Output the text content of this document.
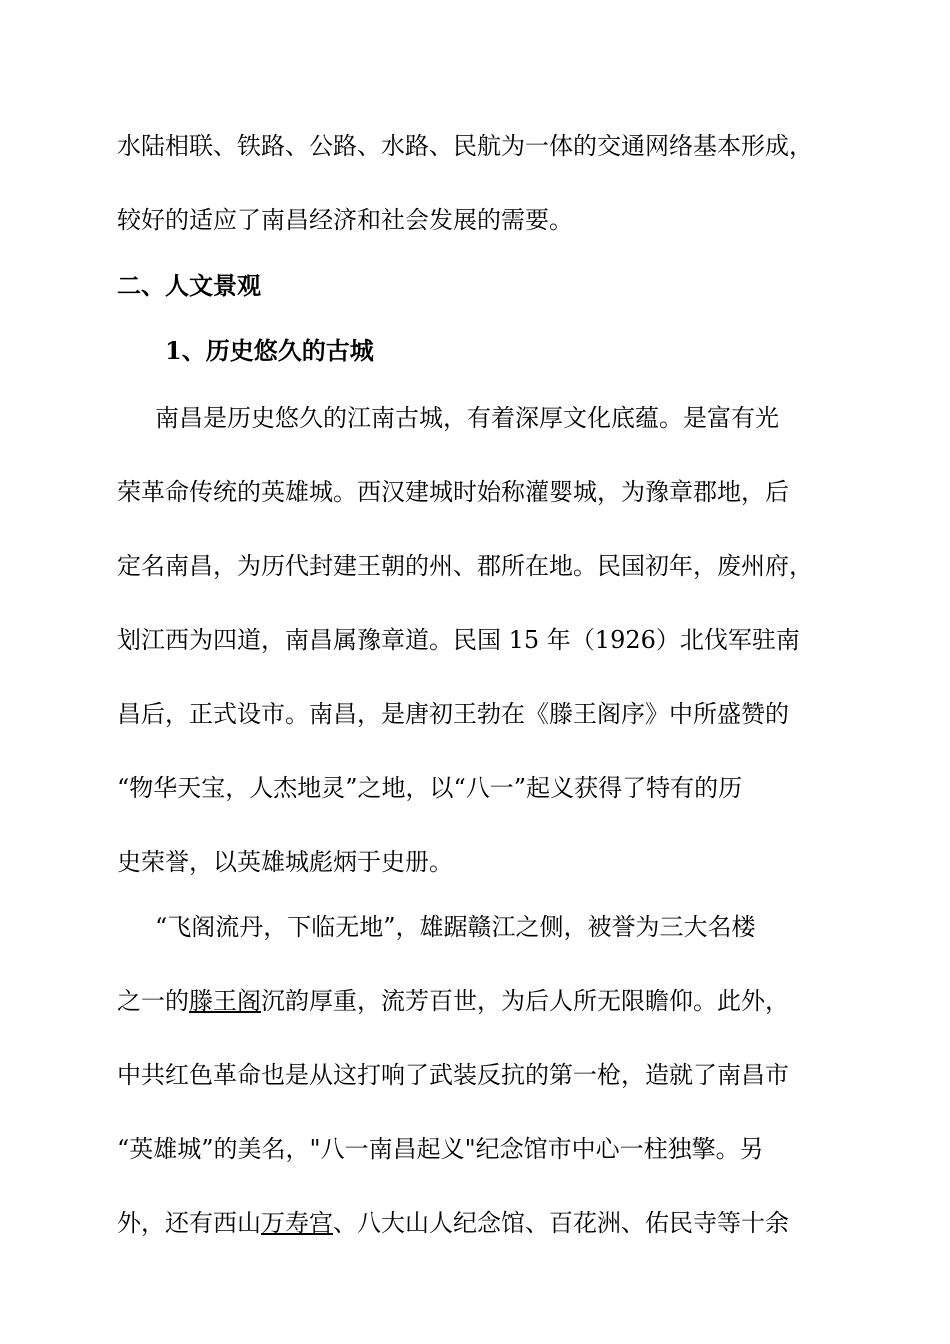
水陆相联、铁路、公路、水路、民航为一体的交通网络基本形成，
较好的适应了南昌经济和社会发展的需要。
二、人文景观
1、历史悠久的古城
南昌是历史悠久的江南古城，有着深厚文化底蕴。是富有光
荣革命传统的英雄城。西汉建城时始称灌婴城，为豫章郡地，后
定名南昌，为历代封建王朝的州、郡所在地。民国初年，废州府，
划江西为四道，南昌属豫章道。民国 15 年（1926）北伐军驻南
昌后，正式设市。南昌，是唐初王勃在《滕王阁序》中所盛赞的
“物华天宝，人杰地灵”之地，以“八一”起义获得了特有的历
史荣誉，以英雄城彪炳于史册。
“飞阁流丹，下临无地”，雄踞赣江之侧，被誉为三大名楼
之一的滕王阁沉韵厚重，流芳百世，为后人所无限瞻仰。此外，
中共红色革命也是从这打响了武装反抗的第一枪，造就了南昌市
“英雄城”的美名，"八一南昌起义"纪念馆市中心一柱独擎。另
外，还有西山万寿宫、八大山人纪念馆、百花洲、佑民寺等十余
